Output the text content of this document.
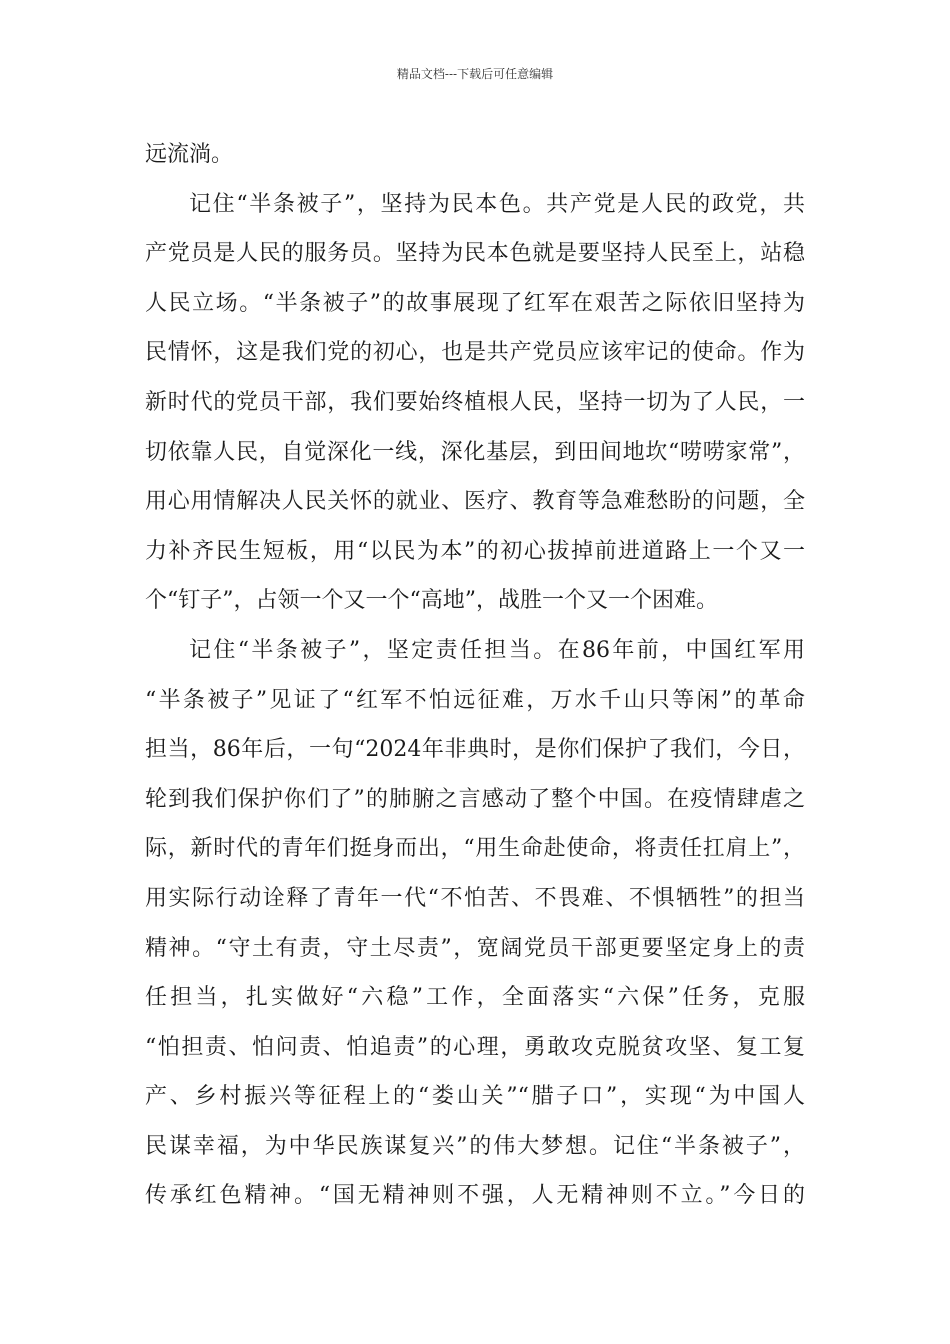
精品文档---下载后可任意编辑
远流淌。
记住“半条被子”，坚持为民本色。共产党是人民的政党，共
产党员是人民的服务员。坚持为民本色就是要坚持人民至上，站稳
人民立场。“半条被子”的故事展现了红军在艰苦之际依旧坚持为
民情怀，这是我们党的初心，也是共产党员应该牢记的使命。作为
新时代的党员干部，我们要始终植根人民，坚持一切为了人民，一
切依靠人民，自觉深化一线，深化基层，到田间地坎“唠唠家常”，
用心用情解决人民关怀的就业、医疗、教育等急难愁盼的问题，全
力补齐民生短板，用“以民为本”的初心拔掉前进道路上一个又一
个“钉子”，占领一个又一个“高地”，战胜一个又一个困难。
记住“半条被子”，坚定责任担当。在86年前，中国红军用
“半条被子”见证了“红军不怕远征难，万水千山只等闲”的革命
担当，86年后，一句“2024年非典时，是你们保护了我们，今日，
轮到我们保护你们了”的肺腑之言感动了整个中国。在疫情肆虐之
际，新时代的青年们挺身而出，“用生命赴使命，将责任扛肩上”，
用实际行动诠释了青年一代“不怕苦、不畏难、不惧牺牲”的担当
精神。“守土有责，守土尽责”，宽阔党员干部更要坚定身上的责
任担当，扎实做好“六稳”工作，全面落实“六保”任务，克服
“怕担责、怕问责、怕追责”的心理，勇敢攻克脱贫攻坚、复工复
产、乡村振兴等征程上的“娄山关”“腊子口”，实现“为中国人
民谋幸福，为中华民族谋复兴”的伟大梦想。记住“半条被子”，
传承红色精神。“国无精神则不强，人无精神则不立。”今日的
